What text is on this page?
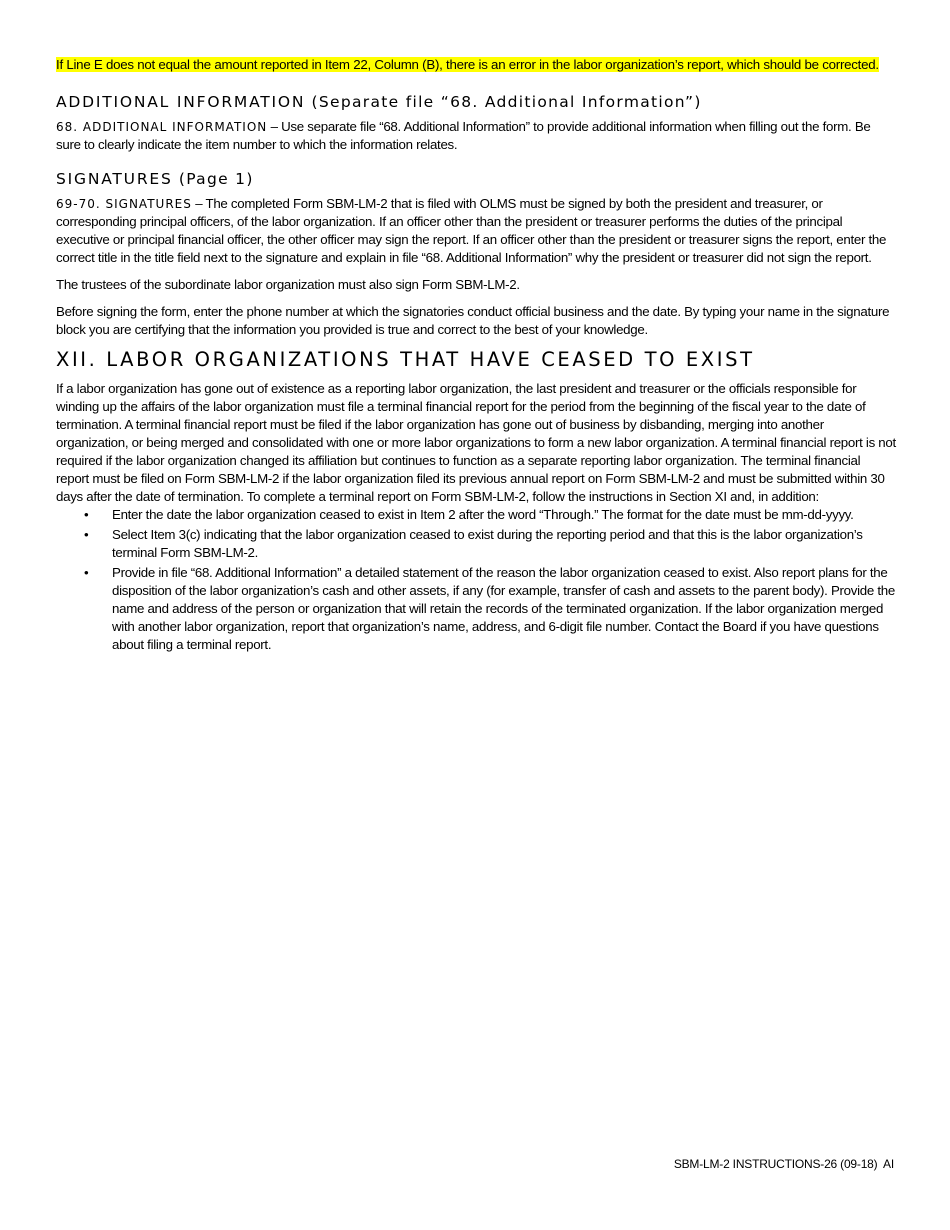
If Line E does not equal the amount reported in Item 22, Column (B), there is an error in the labor organization’s report, which should be corrected.

ADDITIONAL INFORMATION (Separate file “68. Additional Information”)

68. ADDITIONAL INFORMATION – Use separate file “68. Additional Information” to provide additional information when filling out the form. Be sure to clearly indicate the item number to which the information relates.

SIGNATURES (Page 1)

69-70. SIGNATURES – The completed Form SBM-LM-2 that is filed with OLMS must be signed by both the president and treasurer, or corresponding principal officers, of the labor organization. If an officer other than the president or treasurer performs the duties of the principal executive or principal financial officer, the other officer may sign the report. If an officer other than the president or treasurer signs the report, enter the correct title in the title field next to the signature and explain in file “68. Additional Information” why the president or treasurer did not sign the report.

The trustees of the subordinate labor organization must also sign Form SBM-LM-2.

Before signing the form, enter the phone number at which the signatories conduct official business and the date. By typing your name in the signature block you are certifying that the information you provided is true and correct to the best of your knowledge.

XII. LABOR ORGANIZATIONS THAT HAVE CEASED TO EXIST

If a labor organization has gone out of existence as a reporting labor organization, the last president and treasurer or the officials responsible for winding up the affairs of the labor organization must file a terminal financial report for the period from the beginning of the fiscal year to the date of termination. A terminal financial report must be filed if the labor organization has gone out of business by disbanding, merging into another organization, or being merged and consolidated with one or more labor organizations to form a new labor organization. A terminal financial report is not required if the labor organization changed its affiliation but continues to function as a separate reporting labor organization. The terminal financial report must be filed on Form SBM-LM-2 if the labor organization filed its previous annual report on Form SBM-LM-2 and must be submitted within 30 days after the date of termination. To complete a terminal report on Form SBM-LM-2, follow the instructions in Section XI and, in addition:

• Enter the date the labor organization ceased to exist in Item 2 after the word “Through.” The format for the date must be mm-dd-yyyy.
• Select Item 3(c) indicating that the labor organization ceased to exist during the reporting period and that this is the labor organization’s terminal Form SBM-LM-2.
• Provide in file “68. Additional Information” a detailed statement of the reason the labor organization ceased to exist. Also report plans for the disposition of the labor organization’s cash and other assets, if any (for example, transfer of cash and assets to the parent body). Provide the name and address of the person or organization that will retain the records of the terminated organization. If the labor organization merged with another labor organization, report that organization’s name, address, and 6-digit file number. Contact the Board if you have questions about filing a terminal report.
SBM-LM-2 INSTRUCTIONS-26 (09-18)  AI
